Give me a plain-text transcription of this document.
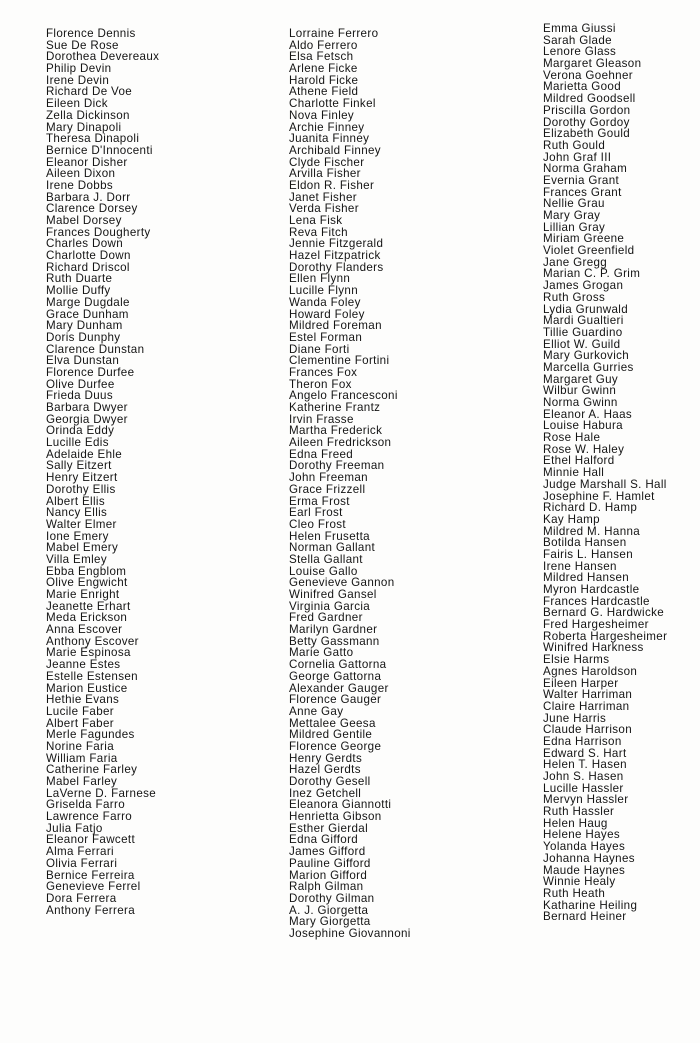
Florence Dennis
Sue De Rose
Dorothea Devereaux
Philip Devin
Irene Devin
Richard De Voe
Eileen Dick
Zella Dickinson
Mary Dinapoli
Theresa Dinapoli
Bernice D'Innocenti
Eleanor Disher
Aileen Dixon
Irene Dobbs
Barbara J. Dorr
Clarence Dorsey
Mabel Dorsey
Frances Dougherty
Charles Down
Charlotte Down
Richard Driscol
Ruth Duarte
Mollie Duffy
Marge Dugdale
Grace Dunham
Mary Dunham
Doris Dunphy
Clarence Dunstan
Elva Dunstan
Florence Durfee
Olive Durfee
Frieda Duus
Barbara Dwyer
Georgia Dwyer
Orinda Eddy
Lucille Edis
Adelaide Ehle
Sally Eitzert
Henry Eitzert
Dorothy Ellis
Albert Ellis
Nancy Ellis
Walter Elmer
Ione Emery
Mabel Emery
Villa Emley
Ebba Engblom
Olive Engwicht
Marie Enright
Jeanette Erhart
Meda Erickson
Anna Escover
Anthony Escover
Marie Espinosa
Jeanne Estes
Estelle Estensen
Marion Eustice
Hethie Evans
Lucile Faber
Albert Faber
Merle Fagundes
Norine Faria
William Faria
Catherine Farley
Mabel Farley
LaVerne D. Farnese
Griselda Farro
Lawrence Farro
Julia Fatjo
Eleanor Fawcett
Alma Ferrari
Olivia Ferrari
Bernice Ferreira
Genevieve Ferrel
Dora Ferrera
Anthony Ferrera
Lorraine Ferrero
Aldo Ferrero
Elsa Fetsch
Arlene Ficke
Harold Ficke
Athene Field
Charlotte Finkel
Nova Finley
Archie Finney
Juanita Finney
Archibald Finney
Clyde Fischer
Arvilla Fisher
Eldon R. Fisher
Janet Fisher
Verda Fisher
Lena Fisk
Reva Fitch
Jennie Fitzgerald
Hazel Fitzpatrick
Dorothy Flanders
Ellen Flynn
Lucille Flynn
Wanda Foley
Howard Foley
Mildred Foreman
Estel Forman
Diane Forti
Clementine Fortini
Frances Fox
Theron Fox
Angelo Francesconi
Katherine Frantz
Irvin Frasse
Martha Frederick
Aileen Fredrickson
Edna Freed
Dorothy Freeman
John Freeman
Grace Frizzell
Erma Frost
Earl Frost
Cleo Frost
Helen Frusetta
Norman Gallant
Stella Gallant
Louise Gallo
Genevieve Gannon
Winifred Gansel
Virginia Garcia
Fred Gardner
Marilyn Gardner
Betty Gassmann
Marie Gatto
Cornelia Gattorna
George Gattorna
Alexander Gauger
Florence Gauger
Anne Gay
Mettalee Geesa
Mildred Gentile
Florence George
Henry Gerdts
Hazel Gerdts
Dorothy Gesell
Inez Getchell
Eleanora Giannotti
Henrietta Gibson
Esther Gierdal
Edna Gifford
James Gifford
Pauline Gifford
Marion Gifford
Ralph Gilman
Dorothy Gilman
A. J. Giorgetta
Mary Giorgetta
Josephine Giovannoni
Emma Giussi
Sarah Glade
Lenore Glass
Margaret Gleason
Verona Goehner
Marietta Good
Mildred Goodsell
Priscilla Gordon
Dorothy Gordoy
Elizabeth Gould
Ruth Gould
John Graf III
Norma Graham
Evernia Grant
Frances Grant
Nellie Grau
Mary Gray
Lillian Gray
Miriam Greene
Violet Greenfield
Jane Gregg
Marian C. P. Grim
James Grogan
Ruth Gross
Lydia Grunwald
Mardi Gualtieri
Tillie Guardino
Elliot W. Guild
Mary Gurkovich
Marcella Gurries
Margaret Guy
Wilbur Gwinn
Norma Gwinn
Eleanor A. Haas
Louise Habura
Rose Hale
Rose W. Haley
Ethel Halford
Minnie Hall
Judge Marshall S. Hall
Josephine F. Hamlet
Richard D. Hamp
Kay Hamp
Mildred M. Hanna
Botilda Hansen
Fairis L. Hansen
Irene Hansen
Mildred Hansen
Myron Hardcastle
Frances Hardcastle
Bernard G. Hardwicke
Fred Hargesheimer
Roberta Hargesheimer
Winifred Harkness
Elsie Harms
Agnes Haroldson
Eileen Harper
Walter Harriman
Claire Harriman
June Harris
Claude Harrison
Edna Harrison
Edward S. Hart
Helen T. Hasen
John S. Hasen
Lucille Hassler
Mervyn Hassler
Ruth Hassler
Helen Haug
Helene Hayes
Yolanda Hayes
Johanna Haynes
Maude Haynes
Winnie Healy
Ruth Heath
Katharine Heiling
Bernard Heiner
